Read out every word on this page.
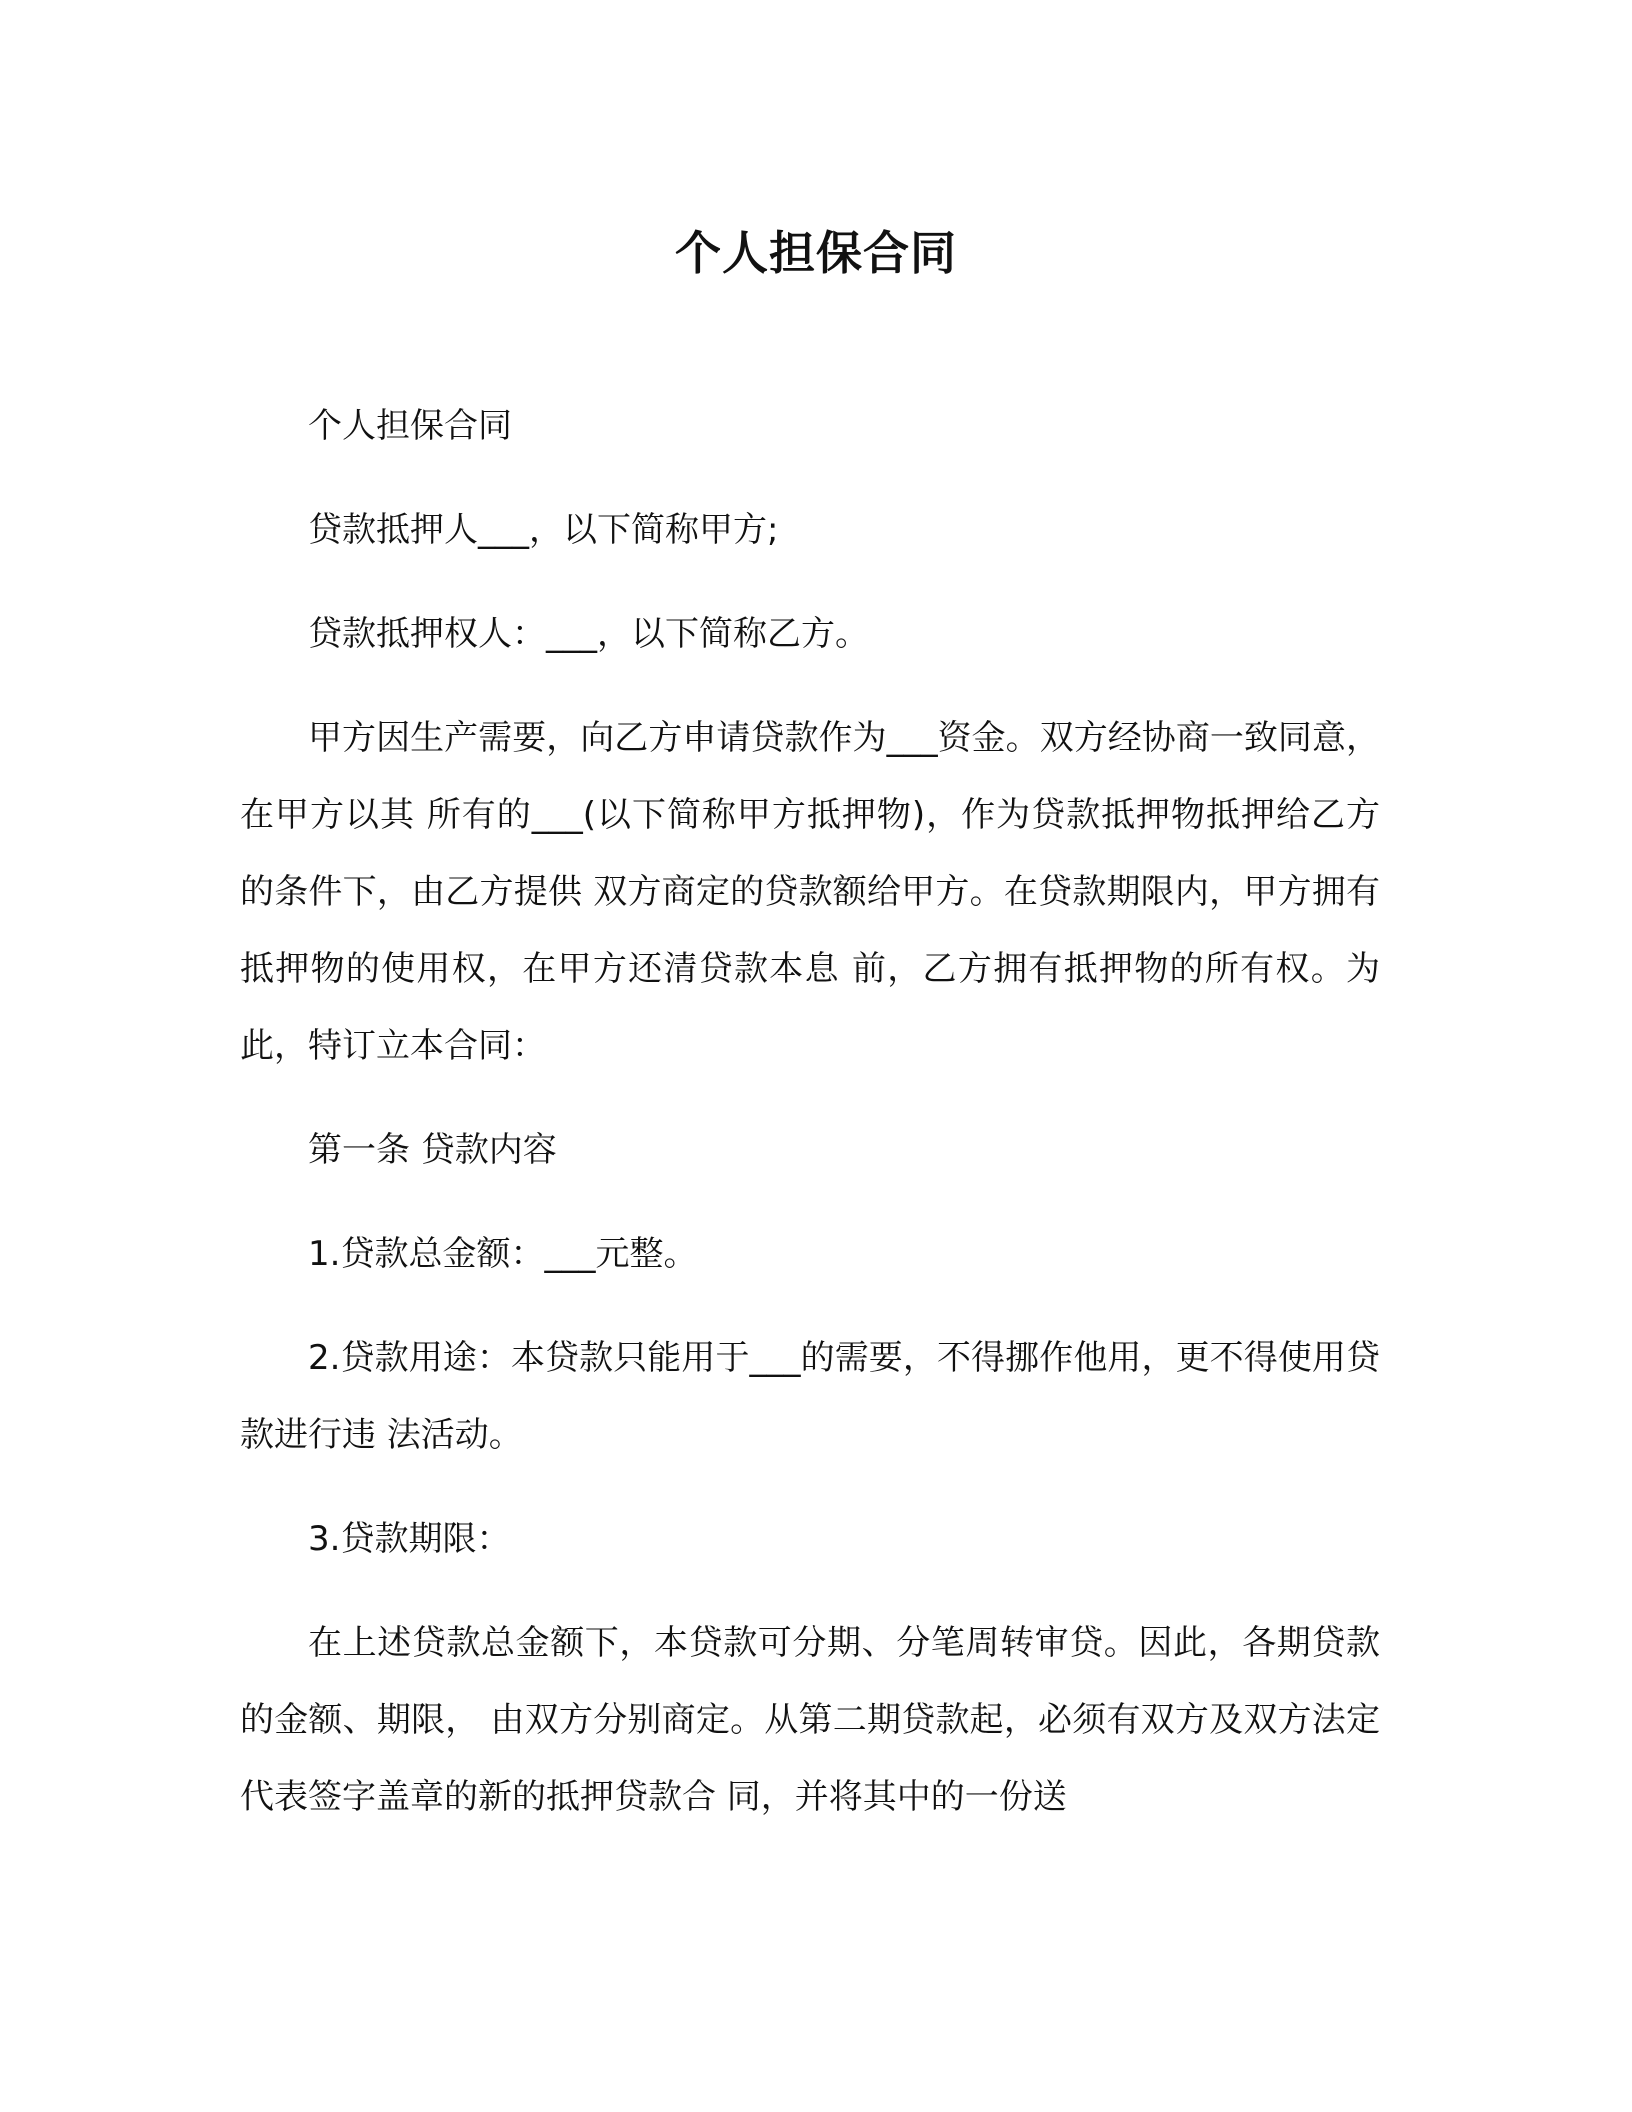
个人担保合同

个人担保合同

贷款抵押人___，以下简称甲方;

贷款抵押权人：___，以下简称乙方。

甲方因生产需要，向乙方申请贷款作为___资金。双方经协商一致同意，在甲方以其 所有的___(以下简称甲方抵押物)，作为贷款抵押物抵押给乙方的条件下，由乙方提供 双方商定的贷款额给甲方。在贷款期限内，甲方拥有抵押物的使用权，在甲方还清贷款本息 前，乙方拥有抵押物的所有权。为此，特订立本合同：

第一条 贷款内容

1.贷款总金额：___元整。

2.贷款用途：本贷款只能用于___的需要，不得挪作他用，更不得使用贷款进行违 法活动。

3.贷款期限：

在上述贷款总金额下，本贷款可分期、分笔周转审贷。因此，各期贷款的金额、期限， 由双方分别商定。从第二期贷款起，必须有双方及双方法定代表签字盖章的新的抵押贷款合 同，并将其中的一份送
